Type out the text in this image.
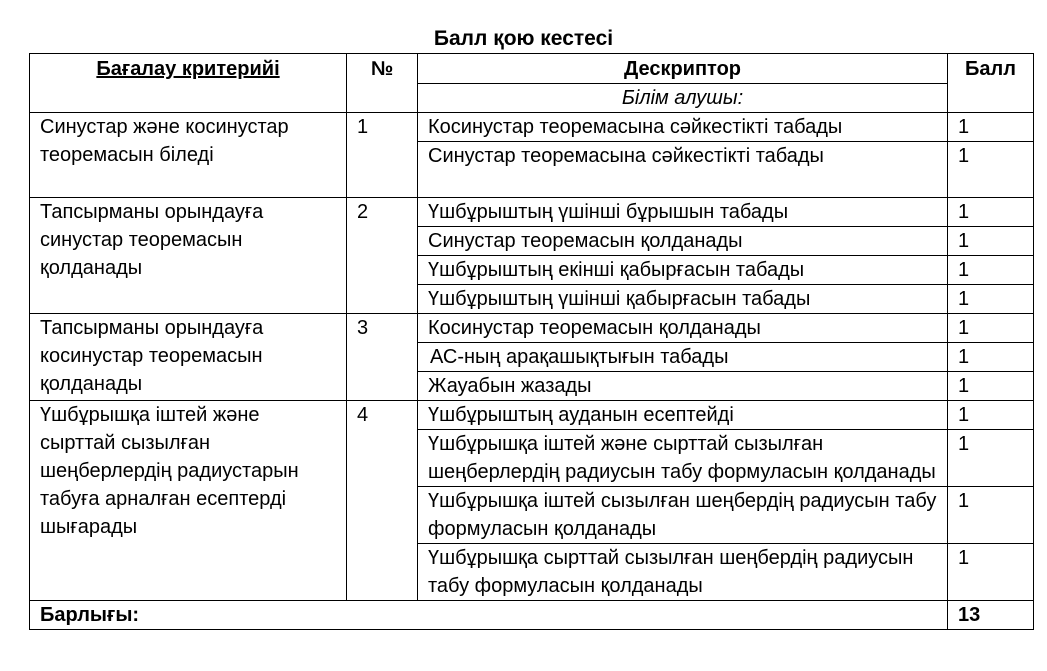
Балл қою кестесі
Бағалау критерийі	№	Дескриптор	Балл
		Білім алушы:	
Синустар және косинустар теоремасын біледі	1	Косинустар теоремасына сәйкестікті табады	1
		Синустар теоремасына сәйкестікті табады	1
Тапсырманы орындауға синустар теоремасын қолданады	2	Үшбұрыштың үшінші бұрышын табады	1
		Синустар теоремасын қолданады	1
		Үшбұрыштың екінші қабырғасын табады	1
		Үшбұрыштың үшінші қабырғасын табады	1
Тапсырманы орындауға косинустар теоремасын қолданады	3	Косинустар теоремасын қолданады	1
		АС-ның арақашықтығын табады	1
		Жауабын жазады	1
Үшбұрышқа іштей және сырттай сызылған шеңберлердің радиустарын табуға арналған есептерді шығарады	4	Үшбұрыштың ауданын есептейді	1
		Үшбұрышқа іштей және сырттай сызылған шеңберлердің радиусын табу формуласын қолданады	1
		Үшбұрышқа іштей сызылған шеңбердің радиусын табу формуласын қолданады	1
		Үшбұрышқа сырттай сызылған шеңбердің радиусын табу формуласын қолданады	1
Барлығы:			13
